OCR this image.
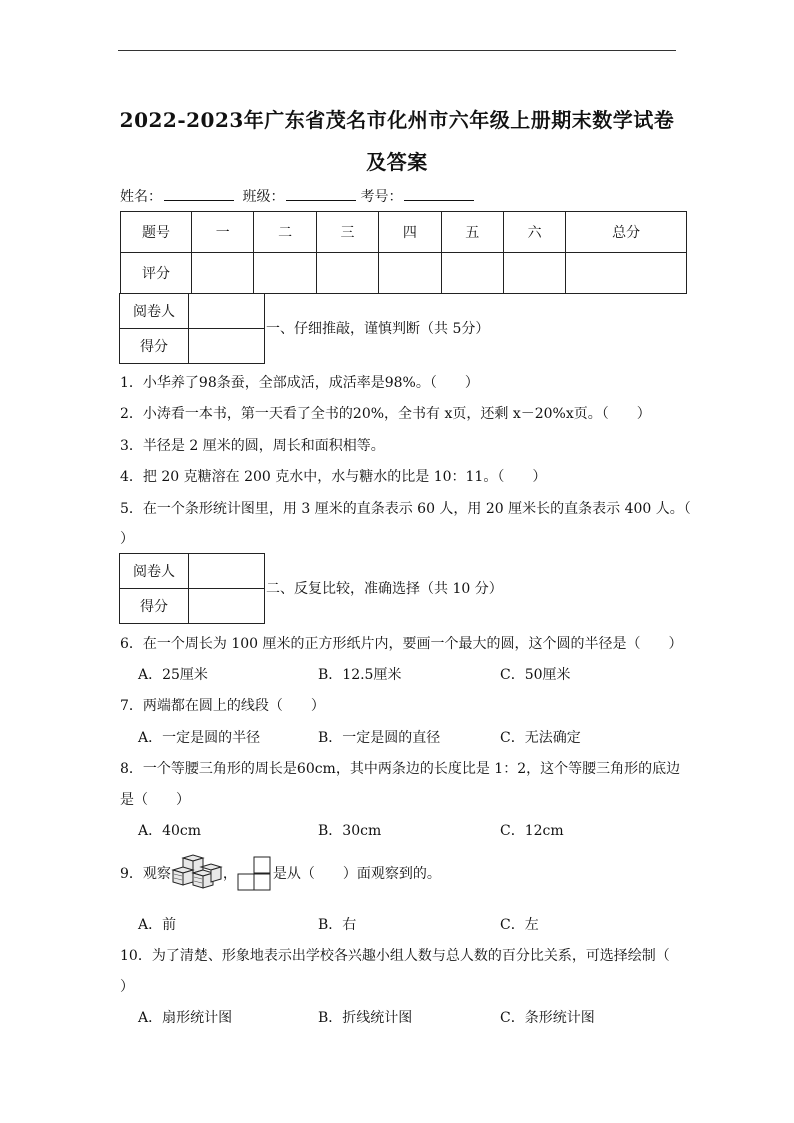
2022-2023年广东省茂名市化州市六年级上册期末数学试卷
及答案
姓名：	班级：	考号：
题号	一	二	三	四	五	六	总分
评分							
阅卷人	
得分	
一、仔细推敲，谨慎判断（共 5分）
1．小华养了98条蚕，全部成活，成活率是98%。（　　）
2．小涛看一本书，第一天看了全书的20%，全书有 x页，还剩 x－20%x页。（　　）
3．半径是 2 厘米的圆，周长和面积相等。
4．把 20 克糖溶在 200 克水中，水与糖水的比是 10：11。（　　）
5．在一个条形统计图里，用 3 厘米的直条表示 60 人，用 20 厘米长的直条表示 400 人。（
）
阅卷人	
得分	
二、反复比较，准确选择（共 10 分）
6．在一个周长为 100 厘米的正方形纸片内，要画一个最大的圆，这个圆的半径是（　　）
A．25厘米	B．12.5厘米	C．50厘米
7．两端都在圆上的线段（　　）
A．一定是圆的半径	B．一定是圆的直径	C．无法确定
8．一个等腰三角形的周长是60cm，其中两条边的长度比是 1：2，这个等腰三角形的底边
是（　　）
A．40cm	B．30cm	C．12cm
9．观察	，	是从（　　）面观察到的。
A．前	B．右	C．左
10．为了清楚、形象地表示出学校各兴趣小组人数与总人数的百分比关系，可选择绘制（
）
A．扇形统计图	B．折线统计图	C．条形统计图
